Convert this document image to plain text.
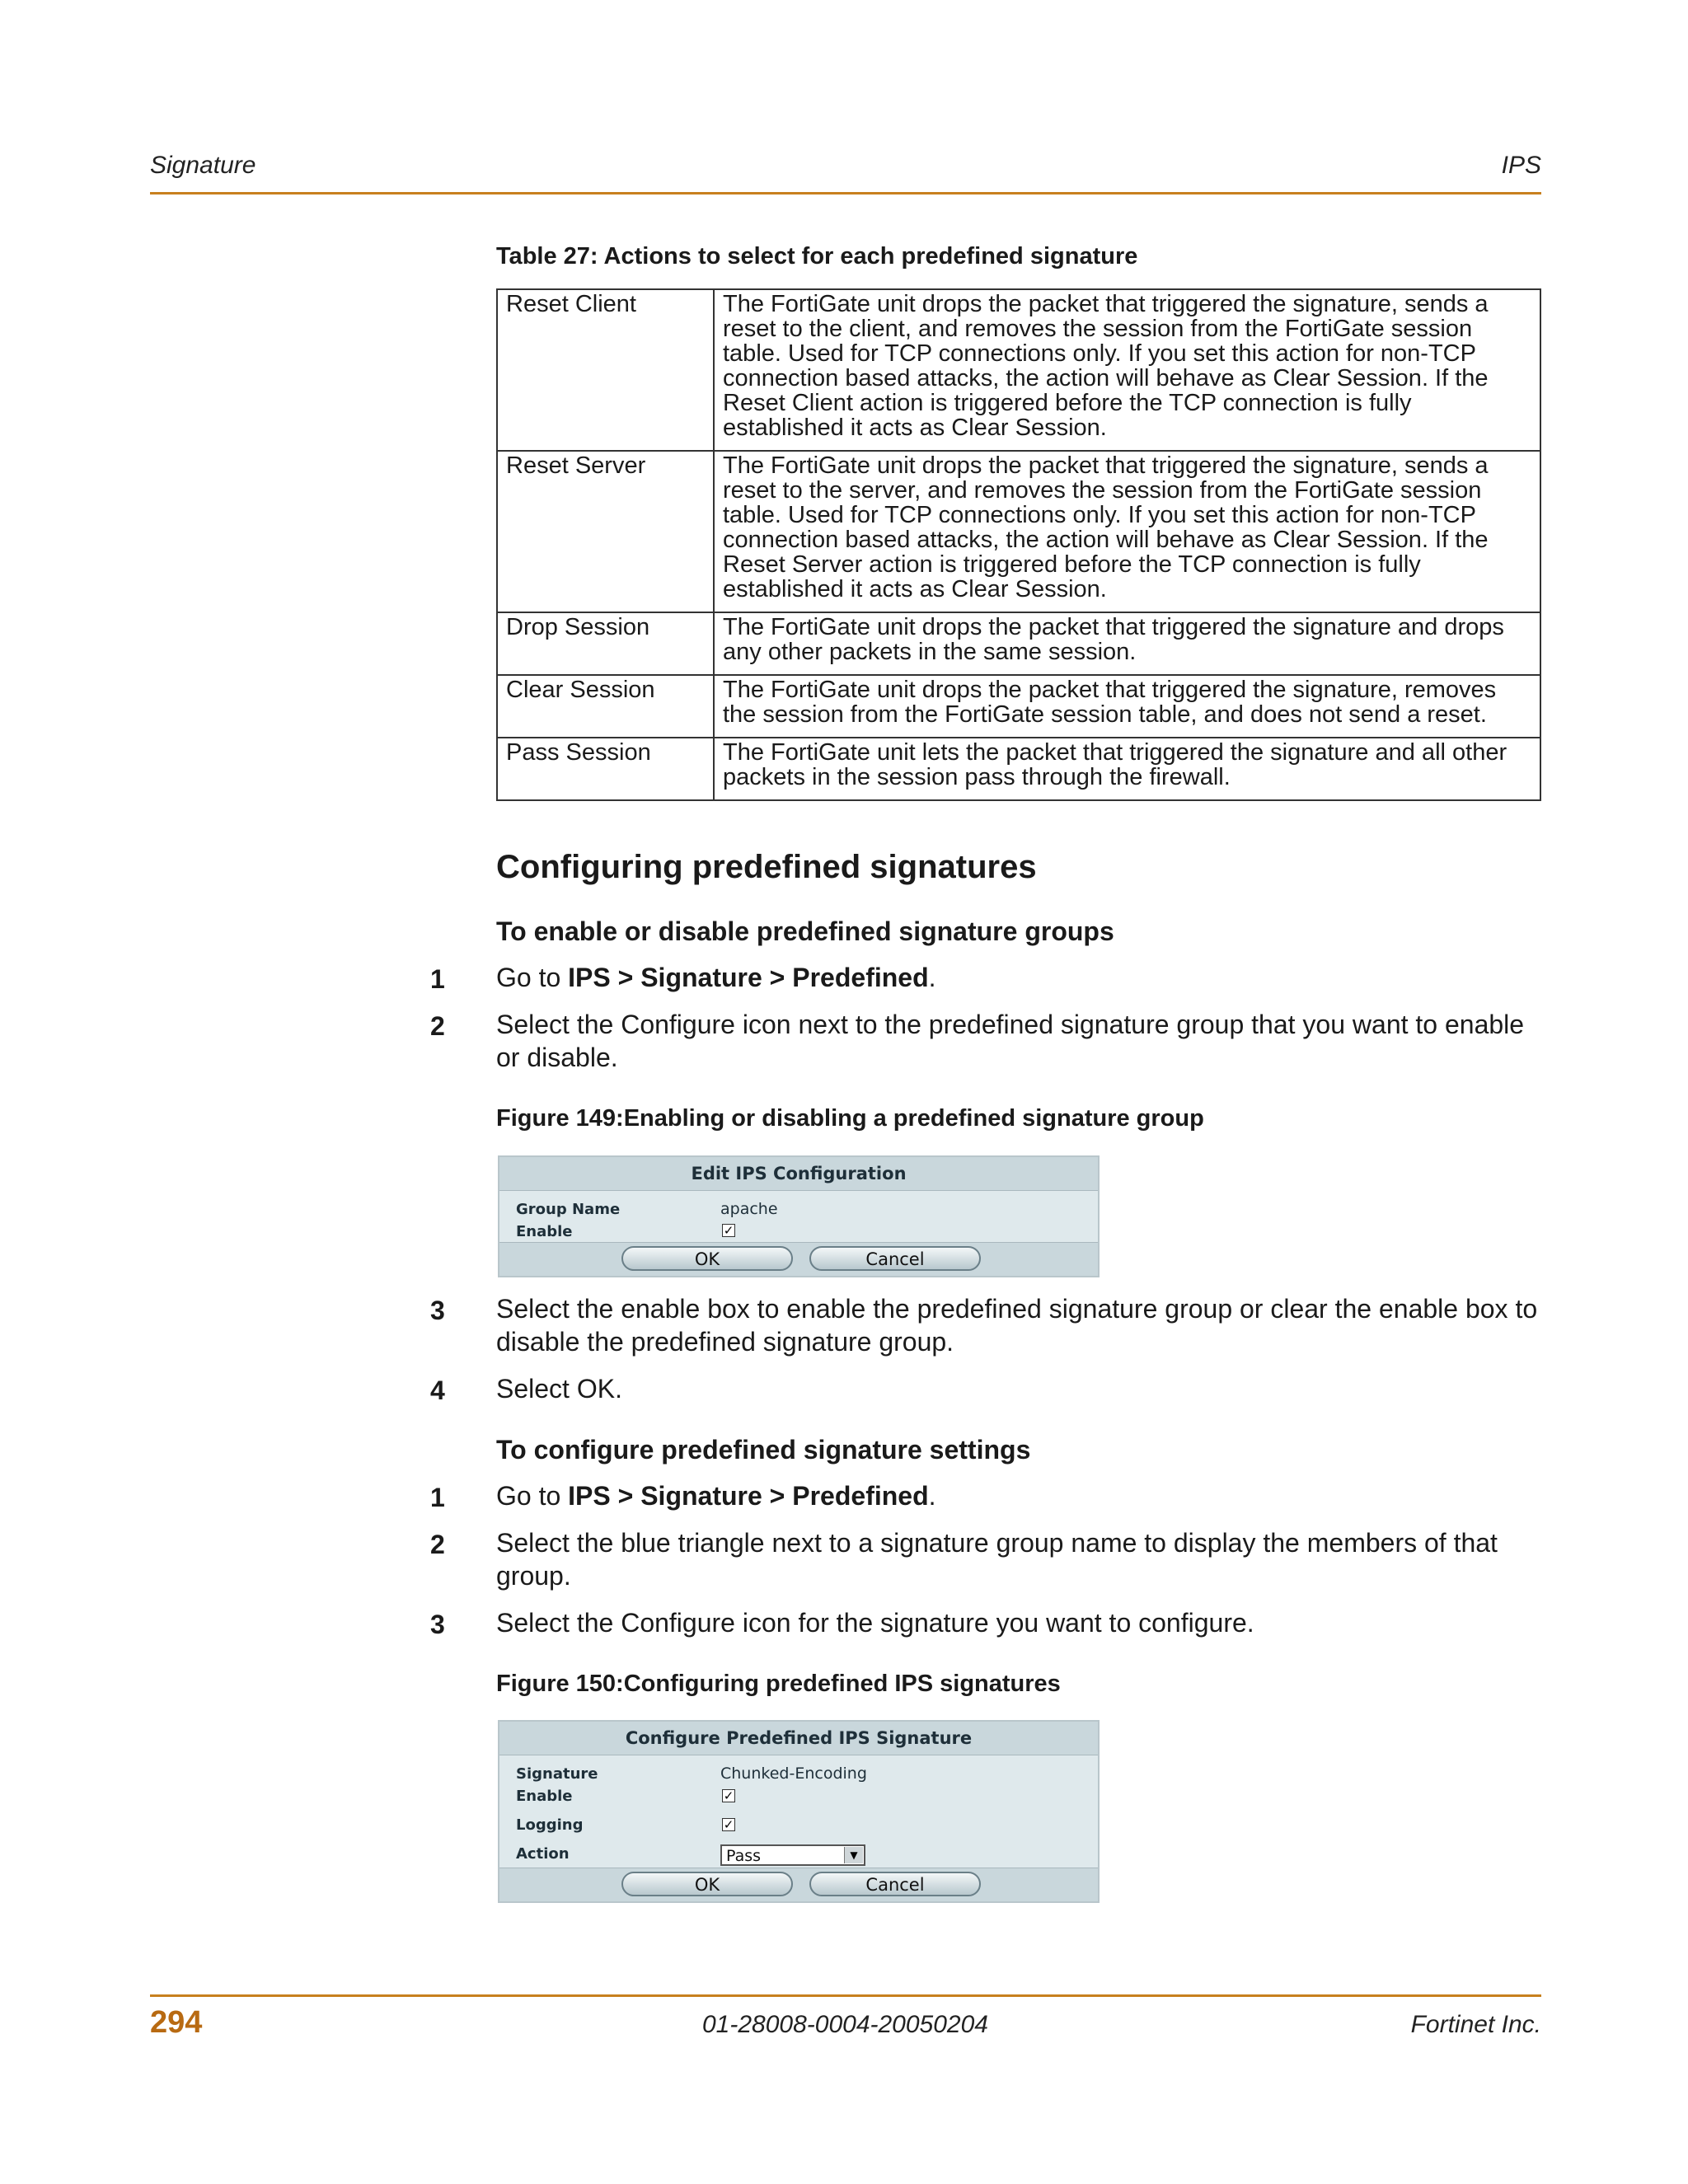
Signature	IPS
Table 27: Actions to select for each predefined signature
Reset Client	The FortiGate unit drops the packet that triggered the signature, sends a reset to the client, and removes the session from the FortiGate session table. Used for TCP connections only. If you set this action for non-TCP connection based attacks, the action will behave as Clear Session. If the Reset Client action is triggered before the TCP connection is fully established it acts as Clear Session.
Reset Server	The FortiGate unit drops the packet that triggered the signature, sends a reset to the server, and removes the session from the FortiGate session table. Used for TCP connections only. If you set this action for non-TCP connection based attacks, the action will behave as Clear Session. If the Reset Server action is triggered before the TCP connection is fully established it acts as Clear Session.
Drop Session	The FortiGate unit drops the packet that triggered the signature and drops any other packets in the same session.
Clear Session	The FortiGate unit drops the packet that triggered the signature, removes the session from the FortiGate session table, and does not send a reset.
Pass Session	The FortiGate unit lets the packet that triggered the signature and all other packets in the session pass through the firewall.
Configuring predefined signatures
To enable or disable predefined signature groups
1 Go to IPS > Signature > Predefined.
2 Select the Configure icon next to the predefined signature group that you want to enable or disable.
Figure 149:Enabling or disabling a predefined signature group
Edit IPS Configuration
Group Name	apache
Enable	✓
OK	Cancel
3 Select the enable box to enable the predefined signature group or clear the enable box to disable the predefined signature group.
4 Select OK.
To configure predefined signature settings
1 Go to IPS > Signature > Predefined.
2 Select the blue triangle next to a signature group name to display the members of that group.
3 Select the Configure icon for the signature you want to configure.
Figure 150:Configuring predefined IPS signatures
Configure Predefined IPS Signature
Signature	Chunked-Encoding
Enable	✓
Logging	✓
Action	Pass	▼
OK	Cancel
294	01-28008-0004-20050204	Fortinet Inc.
